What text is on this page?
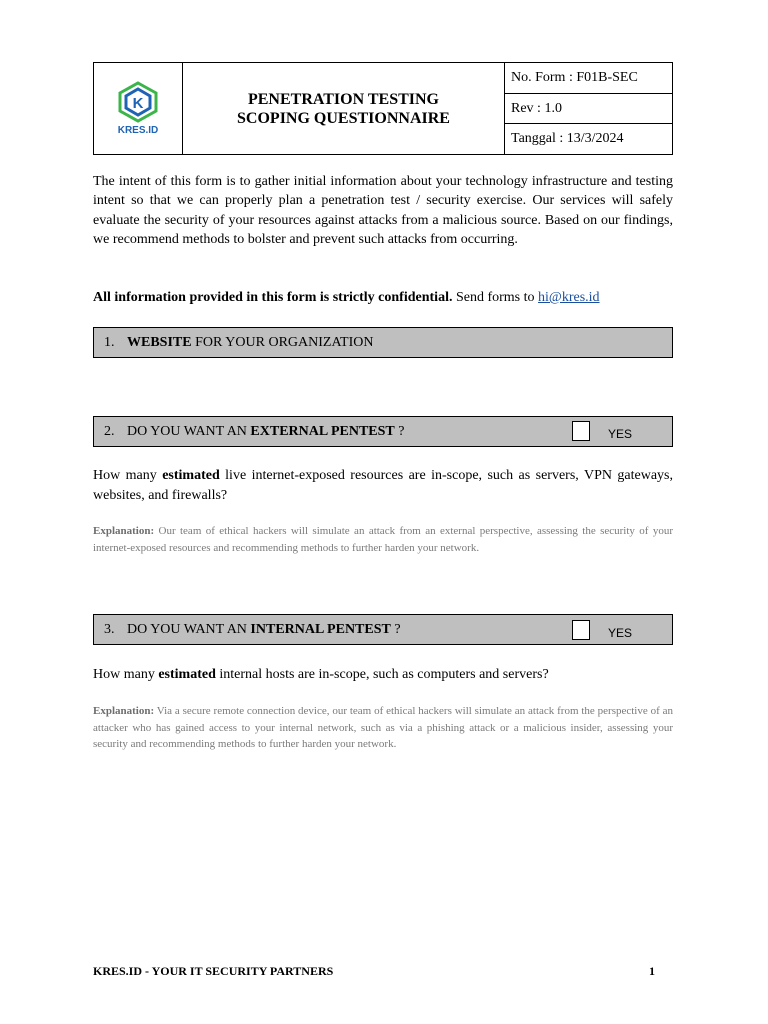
K
KRES.ID
PENETRATION TESTING
SCOPING QUESTIONNAIRE
No. Form : F01B-SEC
Rev : 1.0
Tanggal : 13/3/2024

The intent of this form is to gather initial information about your technology infrastructure and testing intent so that we can properly plan a penetration test / security exercise. Our services will safely evaluate the security of your resources against attacks from a malicious source. Based on our findings, we recommend methods to bolster and prevent such attacks from occurring.

All information provided in this form is strictly confidential. Send forms to hi@kres.id
1. WEBSITE FOR YOUR ORGANIZATION
2. DO YOU WANT AN EXTERNAL PENTEST ?	YES

How many estimated live internet-exposed resources are in-scope, such as servers, VPN gateways, websites, and firewalls?

Explanation: Our team of ethical hackers will simulate an attack from an external perspective, assessing the security of your internet-exposed resources and recommending methods to further harden your network.

3. DO YOU WANT AN INTERNAL PENTEST ?	YES

How many estimated internal hosts are in-scope, such as computers and servers?

Explanation: Via a secure remote connection device, our team of ethical hackers will simulate an attack from the perspective of an attacker who has gained access to your internal network, such as via a phishing attack or a malicious insider, assessing your security and recommending methods to further harden your network.

KRES.ID - YOUR IT SECURITY PARTNERS	1
